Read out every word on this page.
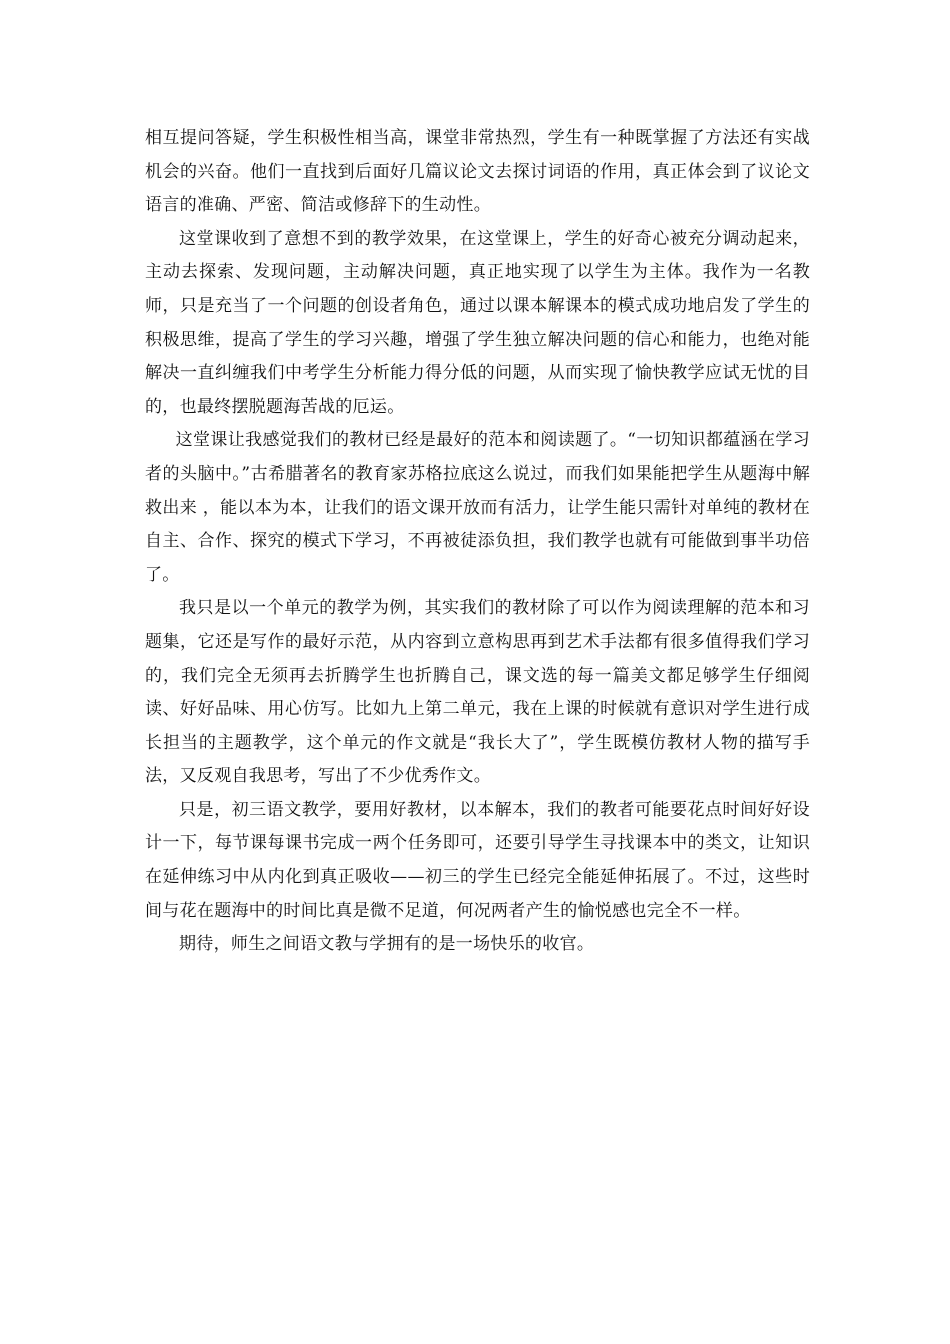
相互提问答疑，学生积极性相当高，课堂非常热烈，学生有一种既掌握了方法还有实战机会的兴奋。他们一直找到后面好几篇议论文去探讨词语的作用，真正体会到了议论文语言的准确、严密、简洁或修辞下的生动性。

这堂课收到了意想不到的教学效果，在这堂课上，学生的好奇心被充分调动起来，主动去探索、发现问题，主动解决问题，真正地实现了以学生为主体。我作为一名教师，只是充当了一个问题的创设者角色，通过以课本解课本的模式成功地启发了学生的积极思维，提高了学生的学习兴趣，增强了学生独立解决问题的信心和能力，也绝对能解决一直纠缠我们中考学生分析能力得分低的问题，从而实现了愉快教学应试无忧的目的，也最终摆脱题海苦战的厄运。

这堂课让我感觉我们的教材已经是最好的范本和阅读题了。“一切知识都蕴涵在学习者的头脑中。”古希腊著名的教育家苏格拉底这么说过，而我们如果能把学生从题海中解救出来 ，能以本为本，让我们的语文课开放而有活力，让学生能只需针对单纯的教材在自主、合作、探究的模式下学习，不再被徒添负担，我们教学也就有可能做到事半功倍了。

我只是以一个单元的教学为例，其实我们的教材除了可以作为阅读理解的范本和习题集，它还是写作的最好示范，从内容到立意构思再到艺术手法都有很多值得我们学习的，我们完全无须再去折腾学生也折腾自己，课文选的每一篇美文都足够学生仔细阅读、好好品味、用心仿写。比如九上第二单元，我在上课的时候就有意识对学生进行成长担当的主题教学，这个单元的作文就是“我长大了”，学生既模仿教材人物的描写手法，又反观自我思考，写出了不少优秀作文。

只是，初三语文教学，要用好教材，以本解本，我们的教者可能要花点时间好好设计一下，每节课每课书完成一两个任务即可，还要引导学生寻找课本中的类文，让知识在延伸练习中从内化到真正吸收——初三的学生已经完全能延伸拓展了。不过，这些时间与花在题海中的时间比真是微不足道，何况两者产生的愉悦感也完全不一样。

期待，师生之间语文教与学拥有的是一场快乐的收官。
